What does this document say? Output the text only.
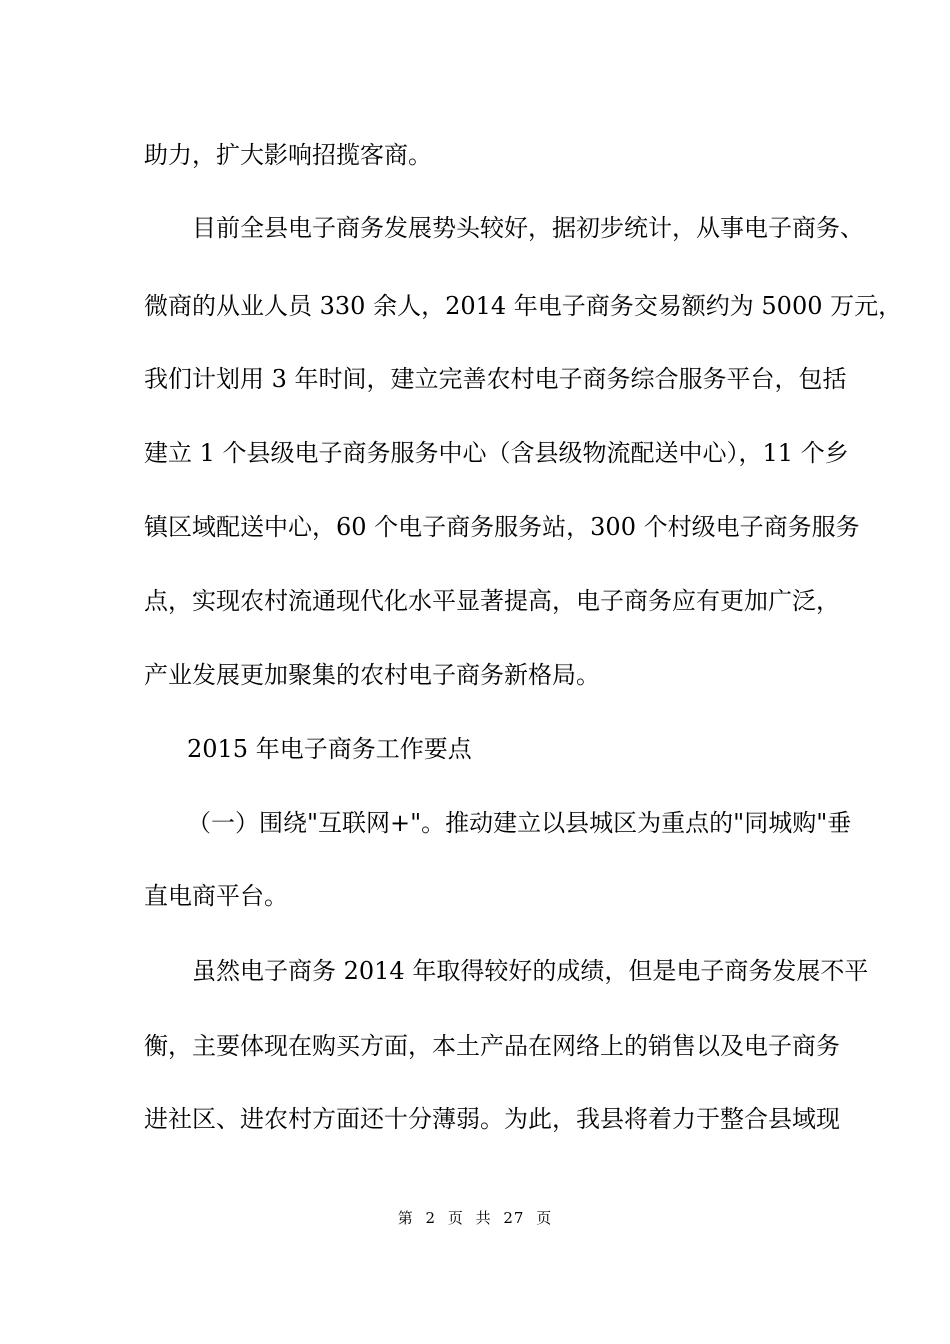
助力，扩大影响招揽客商。
目前全县电子商务发展势头较好，据初步统计，从事电子商务、
微商的从业人员 330 余人，2014 年电子商务交易额约为 5000 万元，
我们计划用 3 年时间，建立完善农村电子商务综合服务平台，包括
建立 1 个县级电子商务服务中心（含县级物流配送中心），11 个乡
镇区域配送中心，60 个电子商务服务站，300 个村级电子商务服务
点，实现农村流通现代化水平显著提高，电子商务应有更加广泛，
产业发展更加聚集的农村电子商务新格局。
2015 年电子商务工作要点
（一）围绕"互联网+"。推动建立以县城区为重点的"同城购"垂
直电商平台。
虽然电子商务 2014 年取得较好的成绩，但是电子商务发展不平
衡，主要体现在购买方面，本土产品在网络上的销售以及电子商务
进社区、进农村方面还十分薄弱。为此，我县将着力于整合县域现
第 2 页 共 27 页
